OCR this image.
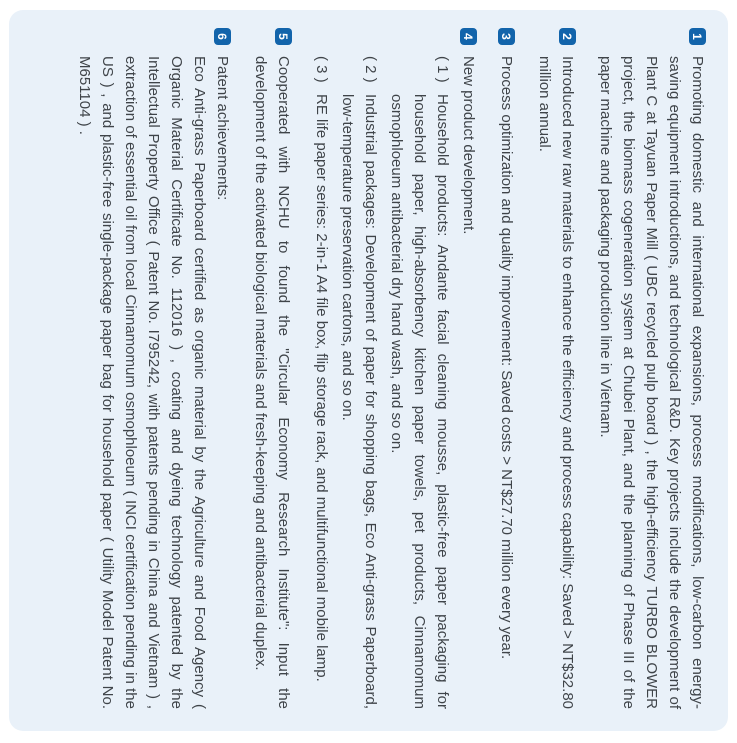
1
Promoting domestic and international expansions, process modifications, low-carbon energy-saving equipment introductions, and technological R&D. Key projects include the development of Plant C at Tayuan Paper Mill ( UBC recycled pulp board ) , the high-efficiency TURBO BLOWER project, the biomass cogeneration system at Chubei Plant, and the planning of Phase III of the paper machine and packaging production line in Vietnam.
2
Introduced new raw materials to enhance the efficiency and process capability: Saved > NT$32.80 million annual.
3
Process optimization and quality improvement: Saved costs > NT$27.70 million every year.
4
New product development.
( 1 )
Household products: Andante facial cleaning mousse, plastic-free paper packaging for household paper, high-absorbency kitchen paper towels, pet products, Cinnamomum osmophloeum antibacterial dry hand wash, and so on.
( 2 )
Industrial packages: Development of paper for shopping bags, Eco Anti-grass Paperboard, low-temperature preservation cartons, and so on.
( 3 )
RE life paper series: 2-in-1 A4 file box, flip storage rack, and multifunctional mobile lamp.
5
Cooperated with NCHU to found the "Circular Economy Research Institute": Input the development of the activated biological materials and fresh-keeping and antibacterial duplex.
6
Patent achievements:
Eco Anti-grass Paperboard certified as organic material by the Agriculture and Food Agency ( Organic Material Certificate No. 112016 ) , coating and dyeing technology patented by the Intellectual Property Office ( Patent No. I795242, with patents pending in China and Vietnam ) , extraction of essential oil from local Cinnamomum osmophloeum ( INCI certification pending in the US ) , and plastic-free single-package paper bag for household paper ( Utility Model Patent No. M651104 ) .
